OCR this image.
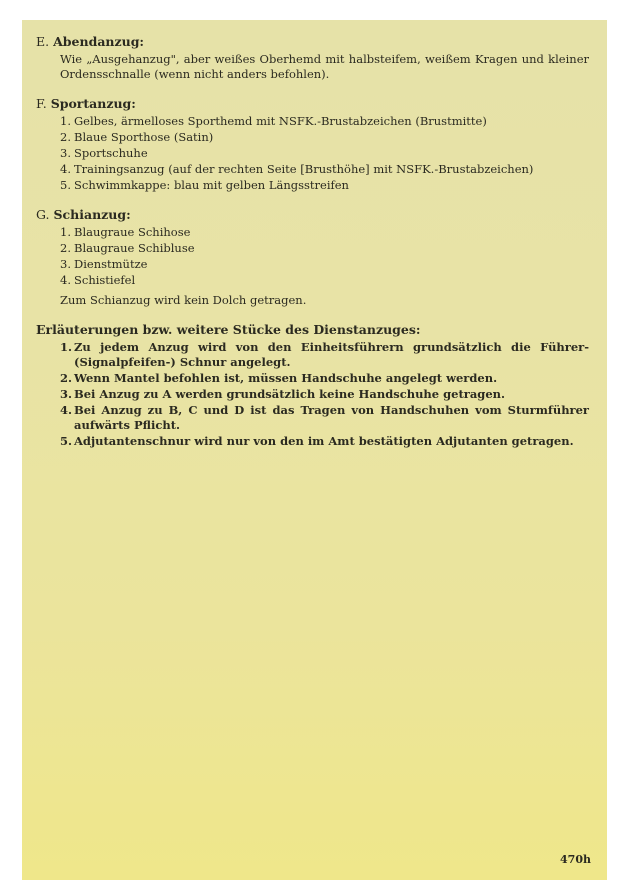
E. Abendanzug:

Wie „Ausgehanzug", aber weißes Oberhemd mit halbsteifem, weißem Kragen und kleiner Ordensschnalle (wenn nicht anders befohlen).

F. Sportanzug:

1. Gelbes, ärmelloses Sporthemd mit NSFK.-Brustabzeichen (Brustmitte)
2. Blaue Sporthose (Satin)
3. Sportschuhe
4. Trainingsanzug (auf der rechten Seite [Brusthöhe] mit NSFK.-Brustabzeichen)
5. Schwimmkappe: blau mit gelben Längsstreifen

G. Schianzug:

1. Blaugraue Schihose
2. Blaugraue Schibluse
3. Dienstmütze
4. Schistiefel

Zum Schianzug wird kein Dolch getragen.

Erläuterungen bzw. weitere Stücke des Dienstanzuges:

1. Zu jedem Anzug wird von den Einheitsführern grundsätzlich die Führer-(Signalpfeifen-) Schnur angelegt.
2. Wenn Mantel befohlen ist, müssen Handschuhe angelegt werden.
3. Bei Anzug zu A werden grundsätzlich keine Handschuhe getragen.
4. Bei Anzug zu B, C und D ist das Tragen von Handschuhen vom Sturmführer aufwärts Pflicht.
5. Adjutantenschnur wird nur von den im Amt bestätigten Adjutanten getragen.
470h
